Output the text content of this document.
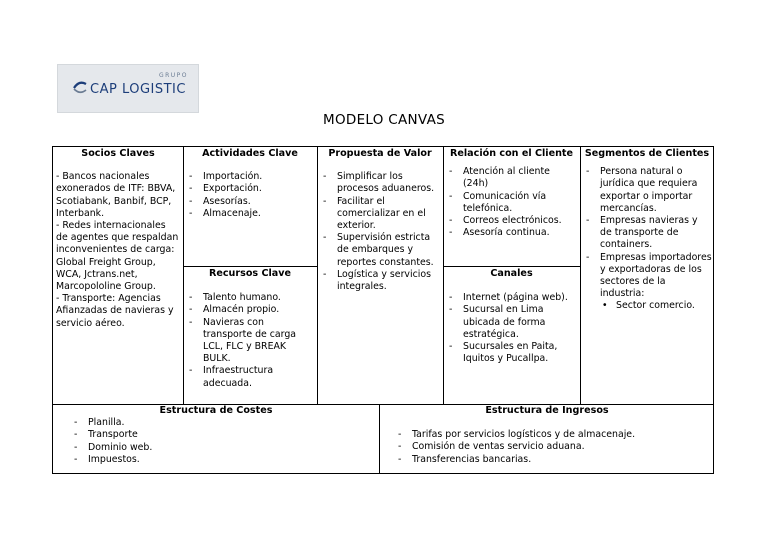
GRUPO
CAP LOGISTIC
MODELO CANVAS
Socios Claves

- Bancos nacionales exonerados de ITF: BBVA, Scotiabank, Banbif, BCP, Interbank.

- Redes internacionales de agentes que respaldan inconvenientes de carga: Global Freight Group, WCA, Jctrans.net, Marcopololine Group.

- Transporte: Agencias Afianzadas de navieras y servicio aéreo.

Actividades Clave
- Importación.
- Exportación.
- Asesorías.
- Almacenaje.
Recursos Clave
- Talento humano.
- Almacén propio.
- Navieras con transporte de carga LCL, FLC y BREAK BULK.
- Infraestructura adecuada.
Propuesta de Valor
- Simplificar los procesos aduaneros.
- Facilitar el comercializar en el exterior.
- Supervisión estricta de embarques y reportes constantes.
- Logística y servicios integrales.
Relación con el Cliente
- Atención al cliente (24h)
- Comunicación vía telefónica.
- Correos electrónicos.
- Asesoría continua.
Canales
- Internet (página web).
- Sucursal en Lima ubicada de forma estratégica.
- Sucursales en Paita, Iquitos y Pucallpa.
Segmentos de Clientes
- Persona natural o jurídica que requiera exportar o importar mercancías.
- Empresas navieras y de transporte de containers.
- Empresas importadores y exportadoras de los sectores de la industria:
• Sector comercio.
Estructura de Costes
- Planilla.
- Transporte
- Dominio web.
- Impuestos.
Estructura de Ingresos
- Tarifas por servicios logísticos y de almacenaje.
- Comisión de ventas servicio aduana.
- Transferencias bancarias.
